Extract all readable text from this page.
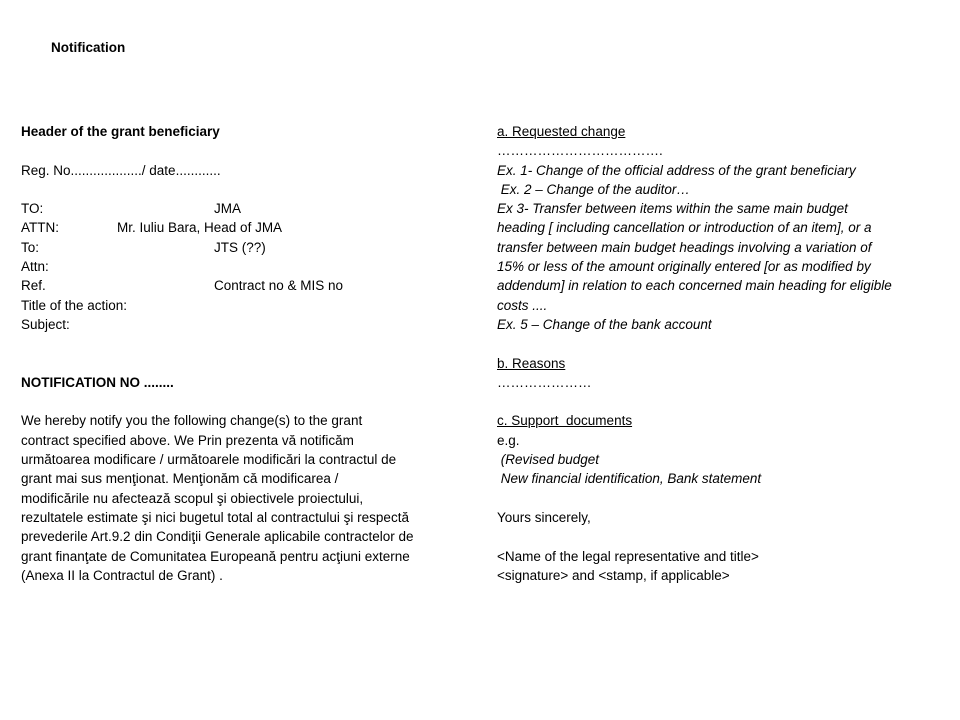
Notification
Header of the grant beneficiary
Reg. No.................../ date............
TO:	JMA
ATTN:	Mr. Iuliu Bara, Head of JMA
To:	JTS (??)
Attn:
Ref.	Contract no & MIS no
Title of the action:
Subject:
NOTIFICATION NO ........
We hereby notify you the following change(s) to the grant
contract specified above. We Prin prezenta vă notificăm
următoarea modificare / următoarele modificări la contractul de
grant mai sus menţionat. Menţionăm că modificarea /
modificările nu afectează scopul şi obiectivele proiectului,
rezultatele estimate şi nici bugetul total al contractului şi respectă
prevederile Art.9.2 din Condiţii Generale aplicabile contractelor de
grant finanţate de Comunitatea Europeană pentru acţiuni externe
(Anexa II la Contractul de Grant) .
a. Requested change
……………………………….
Ex. 1- Change of the official address of the grant beneficiary
Ex. 2 – Change of the auditor…
Ex 3- Transfer between items within the same main budget
heading [ including cancellation or introduction of an item], or a
transfer between main budget headings involving a variation of
15% or less of the amount originally entered [or as modified by
addendum] in relation to each concerned main heading for eligible
costs ....
Ex. 5 – Change of the bank account
b. Reasons
…………………
c. Support  documents
e.g.
(Revised budget
New financial identification, Bank statement
Yours sincerely,
<Name of the legal representative and title>
<signature> and <stamp, if applicable>
